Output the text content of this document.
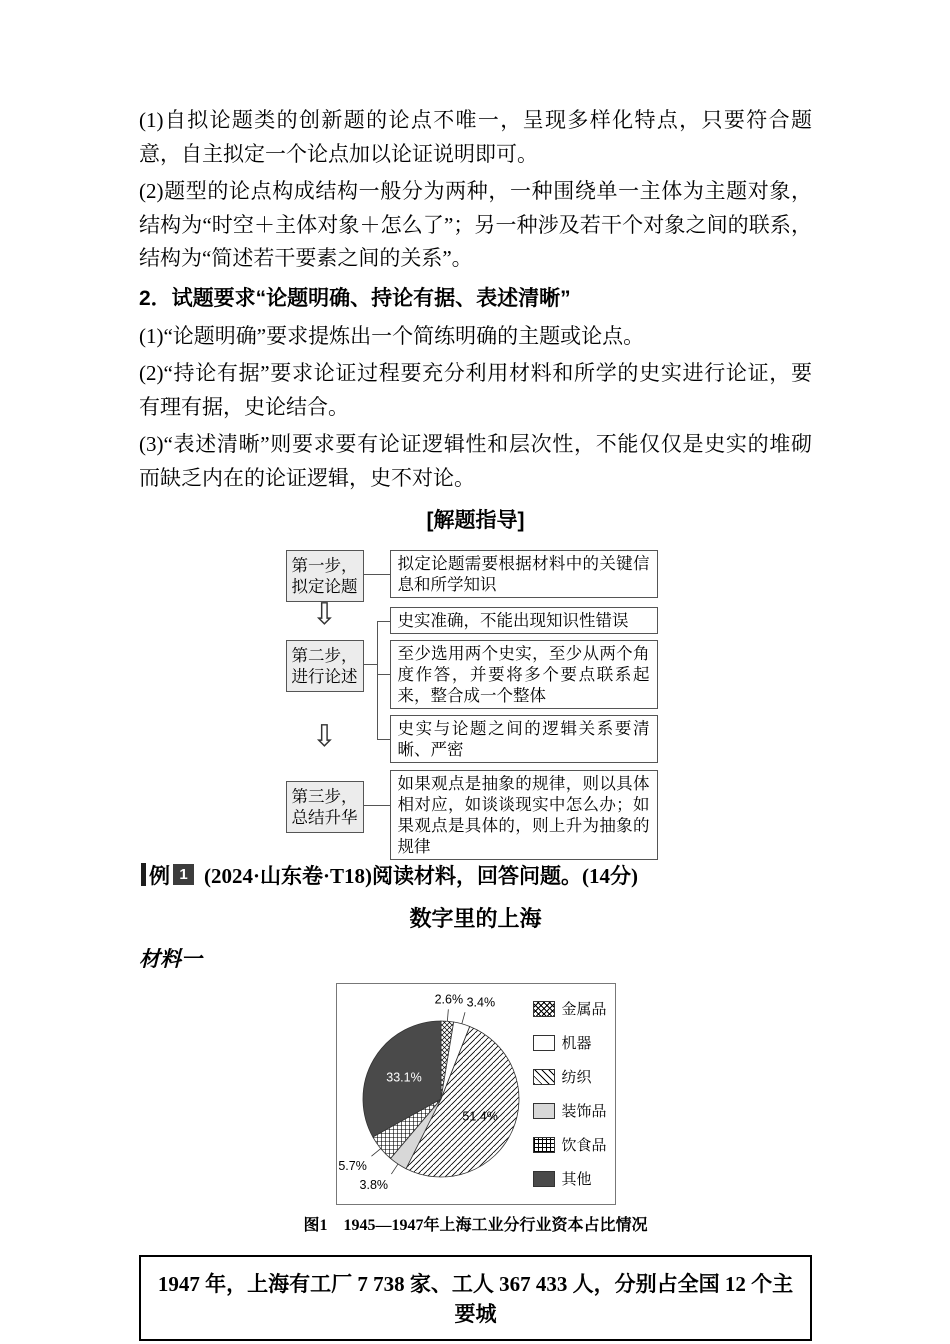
(1)自拟论题类的创新题的论点不唯一，呈现多样化特点，只要符合题意，自主拟定一个论点加以论证说明即可。

(2)题型的论点构成结构一般分为两种，一种围绕单一主体为主题对象，结构为“时空＋主体对象＋怎么了”；另一种涉及若干个对象之间的联系，结构为“简述若干要素之间的关系”。

2．试题要求“论题明确、持论有据、表述清晰”

(1)“论题明确”要求提炼出一个简练明确的主题或论点。

(2)“持论有据”要求论证过程要充分利用材料和所学的史实进行论证，要有理有据，史论结合。

(3)“表述清晰”则要求要有论证逻辑性和层次性，不能仅仅是史实的堆砌而缺乏内在的论证逻辑，史不对论。

[解题指导]

第一步，拟定论题
第二步，进行论述
第三步，总结升华
⇩
⇩
拟定论题需要根据材料中的关键信息和所学知识
史实准确，不能出现知识性错误
至少选用两个史实，至少从两个角度作答，并要将多个要点联系起来，整合成一个整体
史实与论题之间的逻辑关系要清晰、严密
如果观点是抽象的规律，则以具体相对应，如谈谈现实中怎么办；如果观点是具体的，则上升为抽象的规律
例 1 (2024·山东卷·T18)阅读材料，回答问题。(14分)

数字里的上海

材料一

2.6% 3.4%
51.4%
3.8%
5.7%
33.1%
金属品
机器
纺织
装饰品
饮食品
其他

图1　1945—1947年上海工业分行业资本占比情况

1947 年，上海有工厂 7 738 家、工人 367 433 人，分别占全国 12 个主要城
